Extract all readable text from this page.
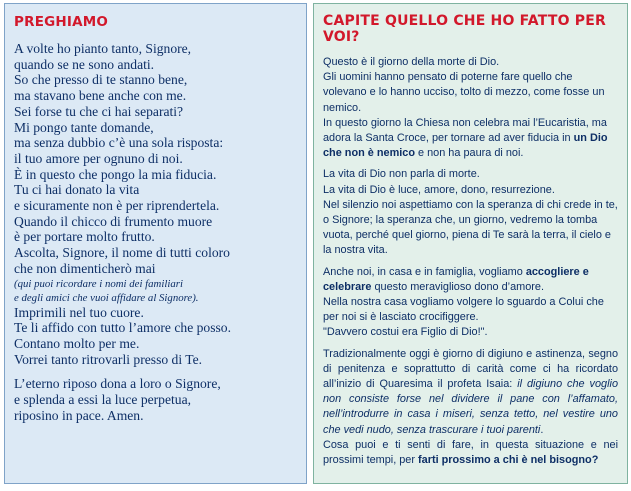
PREGHIAMO
A volte ho pianto tanto, Signore,
quando se ne sono andati.
So che presso di te stanno bene,
ma stavano bene anche con me.
Sei forse tu che ci hai separati?
Mi pongo tante domande,
ma senza dubbio c’è una sola risposta:
il tuo amore per ognuno di noi.
È in questo che pongo la mia fiducia.
Tu ci hai donato la vita
e sicuramente non è per riprendertela.
Quando il chicco di frumento muore
è per portare molto frutto.
Ascolta, Signore, il nome di tutti coloro
che non dimenticherò mai
(qui puoi ricordare i nomi dei familiari
e degli amici che vuoi affidare al Signore).
Imprimili nel tuo cuore.
Te li affido con tutto l’amore che posso.
Contano molto per me.
Vorrei tanto ritrovarli presso di Te.
L’eterno riposo dona a loro o Signore,
e splenda a essi la luce perpetua,
riposino in pace. Amen.
CAPITE QUELLO CHE HO FATTO PER VOI?

Questo è il giorno della morte di Dio.
Gli uomini hanno pensato di poterne fare quello che volevano e lo hanno ucciso, tolto di mezzo, come fosse un nemico.
In questo giorno la Chiesa non celebra mai l’Eucaristia, ma adora la Santa Croce, per tornare ad aver fiducia in un Dio che non è nemico e non ha paura di noi.

La vita di Dio non parla di morte.
La vita di Dio è luce, amore, dono, resurrezione.
Nel silenzio noi aspettiamo con la speranza di chi crede in te, o Signore; la speranza che, un giorno, vedremo la tomba vuota, perché quel giorno, piena di Te sarà la terra, il cielo e la nostra vita.

Anche noi, in casa e in famiglia, vogliamo accogliere e celebrare questo meraviglioso dono d’amore.
Nella nostra casa vogliamo volgere lo sguardo a Colui che per noi si è lasciato crocifiggere.
"Davvero costui era Figlio di Dio!".

Tradizionalmente oggi è giorno di digiuno e astinenza, segno di penitenza e soprattutto di carità come ci ha ricordato all’inizio di Quaresima il profeta Isaia: il digiuno che voglio non consiste forse nel dividere il pane con l’affamato, nell’introdurre in casa i miseri, senza tetto, nel vestire uno che vedi nudo, senza trascurare i tuoi parenti.
Cosa puoi e ti senti di fare, in questa situazione e nei prossimi tempi, per farti prossimo a chi è nel bisogno?
